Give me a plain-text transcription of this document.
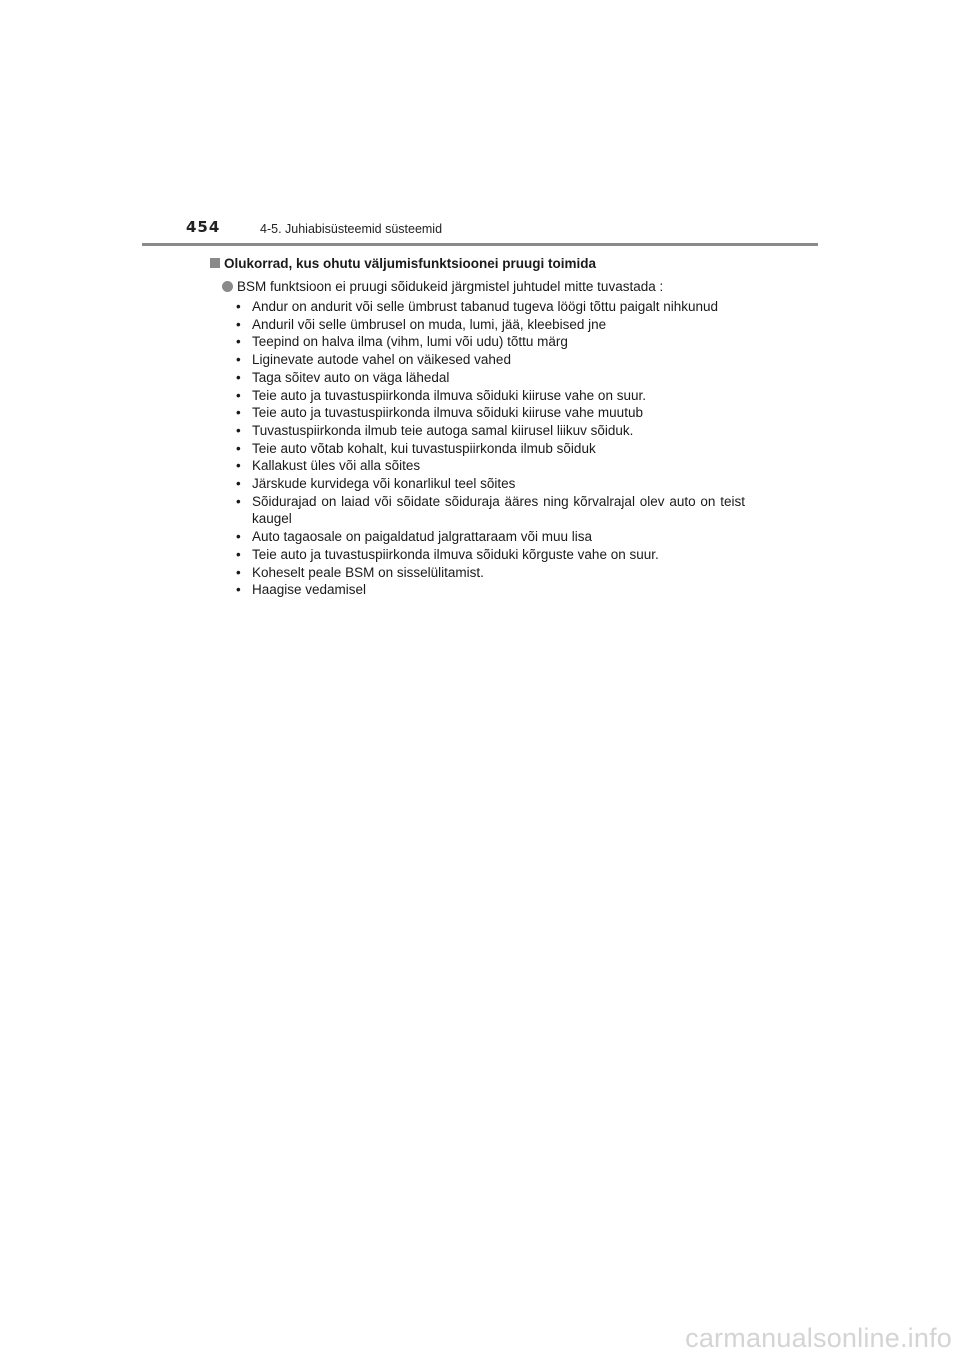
454	4-5. Juhiabisüsteemid süsteemid
Olukorrad, kus ohutu väljumisfunktsioonei pruugi toimida
BSM funktsioon ei pruugi sõidukeid järgmistel juhtudel mitte tuvastada :
• Andur on andurit või selle ümbrust tabanud tugeva löögi tõttu paigalt nihkunud
• Anduril või selle ümbrusel on muda, lumi, jää, kleebised jne
• Teepind on halva ilma (vihm, lumi või udu) tõttu märg
• Liginevate autode vahel on väikesed vahed
• Taga sõitev auto on väga lähedal
• Teie auto ja tuvastuspiirkonda ilmuva sõiduki kiiruse vahe on suur.
• Teie auto ja tuvastuspiirkonda ilmuva sõiduki kiiruse vahe muutub
• Tuvastuspiirkonda ilmub teie autoga samal kiirusel liikuv sõiduk.
• Teie auto võtab kohalt, kui tuvastuspiirkonda ilmub sõiduk
• Kallakust üles või alla sõites
• Järskude kurvidega või konarlikul teel sõites
• Sõidurajad on laiad või sõidate sõiduraja ääres ning kõrvalrajal olev auto on teist kaugel
• Auto tagaosale on paigaldatud jalgrattaraam või muu lisa
• Teie auto ja tuvastuspiirkonda ilmuva sõiduki kõrguste vahe on suur.
• Koheselt peale BSM on sisselülitamist.
• Haagise vedamisel
carmanualsonline.info
